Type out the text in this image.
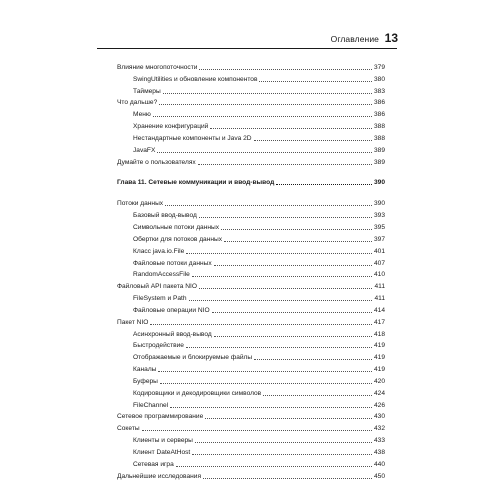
Оглавление 13
Влияние многопоточности	379
SwingUtilities и обновление компонентов	380
Таймеры	383
Что дальше?	386
Меню	386
Хранение конфигураций	388
Нестандартные компоненты и Java 2D	388
JavaFX	389
Думайте о пользователях	389
Глава 11. Сетевые коммуникации и ввод-вывод	390
Потоки данных	390
Базовый ввод-вывод	393
Символьные потоки данных	395
Обертки для потоков данных	397
Класс java.io.File	401
Файловые потоки данных	407
RandomAccessFile	410
Файловый API пакета NIO	411
FileSystem и Path	411
Файловые операции NIO	414
Пакет NIO	417
Асинхронный ввод-вывод	418
Быстродействие	419
Отображаемые и блокируемые файлы	419
Каналы	419
Буферы	420
Кодировщики и декодировщики символов	424
FileChannel	426
Сетевое программирование	430
Сокеты	432
Клиенты и серверы	433
Клиент DateAtHost	438
Сетевая игра	440
Дальнейшие исследования	450
